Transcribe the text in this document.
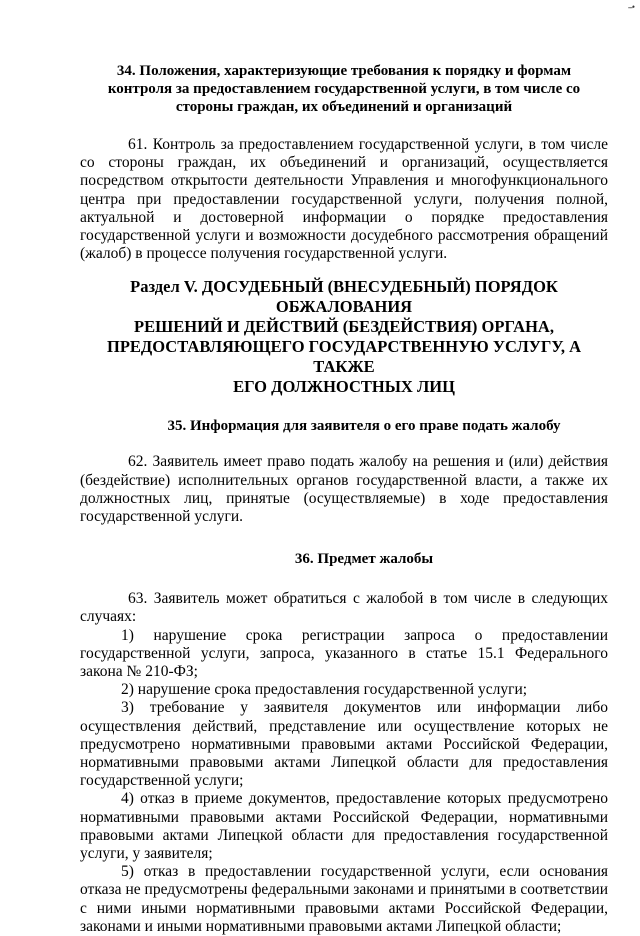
--•
34. Положения, характеризующие требования к порядку и формам
контроля за предоставлением государственной услуги, в том числе со
стороны граждан, их объединений и организаций

61. Контроль за предоставлением государственной услуги, в том числе со стороны граждан, их объединений и организаций, осуществляется посредством открытости деятельности Управления и многофункционального центра при предоставлении государственной услуги, получения полной, актуальной и достоверной информации о порядке предоставления государственной услуги и возможности досудебного рассмотрения обращений (жалоб) в процессе получения государственной услуги.

Раздел V. ДОСУДЕБНЫЙ (ВНЕСУДЕБНЫЙ) ПОРЯДОК ОБЖАЛОВАНИЯ
РЕШЕНИЙ И ДЕЙСТВИЙ (БЕЗДЕЙСТВИЯ) ОРГАНА,
ПРЕДОСТАВЛЯЮЩЕГО ГОСУДАРСТВЕННУЮ УСЛУГУ, А ТАКЖЕ
ЕГО ДОЛЖНОСТНЫХ ЛИЦ
35. Информация для заявителя о его праве подать жалобу

62. Заявитель имеет право подать жалобу на решения и (или) действия (бездействие) исполнительных органов государственной власти, а также их должностных лиц, принятые (осуществляемые) в ходе предоставления государственной услуги.

36. Предмет жалобы

63. Заявитель может обратиться с жалобой в том числе в следующих случаях:

1) нарушение срока регистрации запроса о предоставлении государственной услуги, запроса, указанного в статье 15.1 Федерального закона № 210-ФЗ;

2) нарушение срока предоставления государственной услуги;

3) требование у заявителя документов или информации либо осуществления действий, представление или осуществление которых не предусмотрено нормативными правовыми актами Российской Федерации, нормативными правовыми актами Липецкой области для предоставления государственной услуги;

4) отказ в приеме документов, предоставление которых предусмотрено нормативными правовыми актами Российской Федерации, нормативными правовыми актами Липецкой области для предоставления государственной услуги, у заявителя;

5) отказ в предоставлении государственной услуги, если основания отказа не предусмотрены федеральными законами и принятыми в соответствии с ними иными нормативными правовыми актами Российской Федерации, законами и иными нормативными правовыми актами Липецкой области;
